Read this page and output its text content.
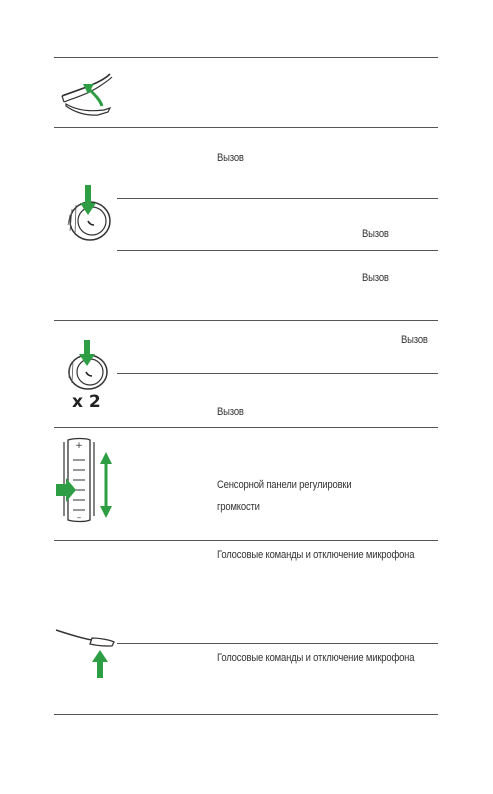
Вызов
Вызов
Вызов
Вызов
Вызов
x 2
+
–
Сенсорной панели регулировки громкости
Голосовые команды и отключение микрофона
Голосовые команды и отключение микрофона
